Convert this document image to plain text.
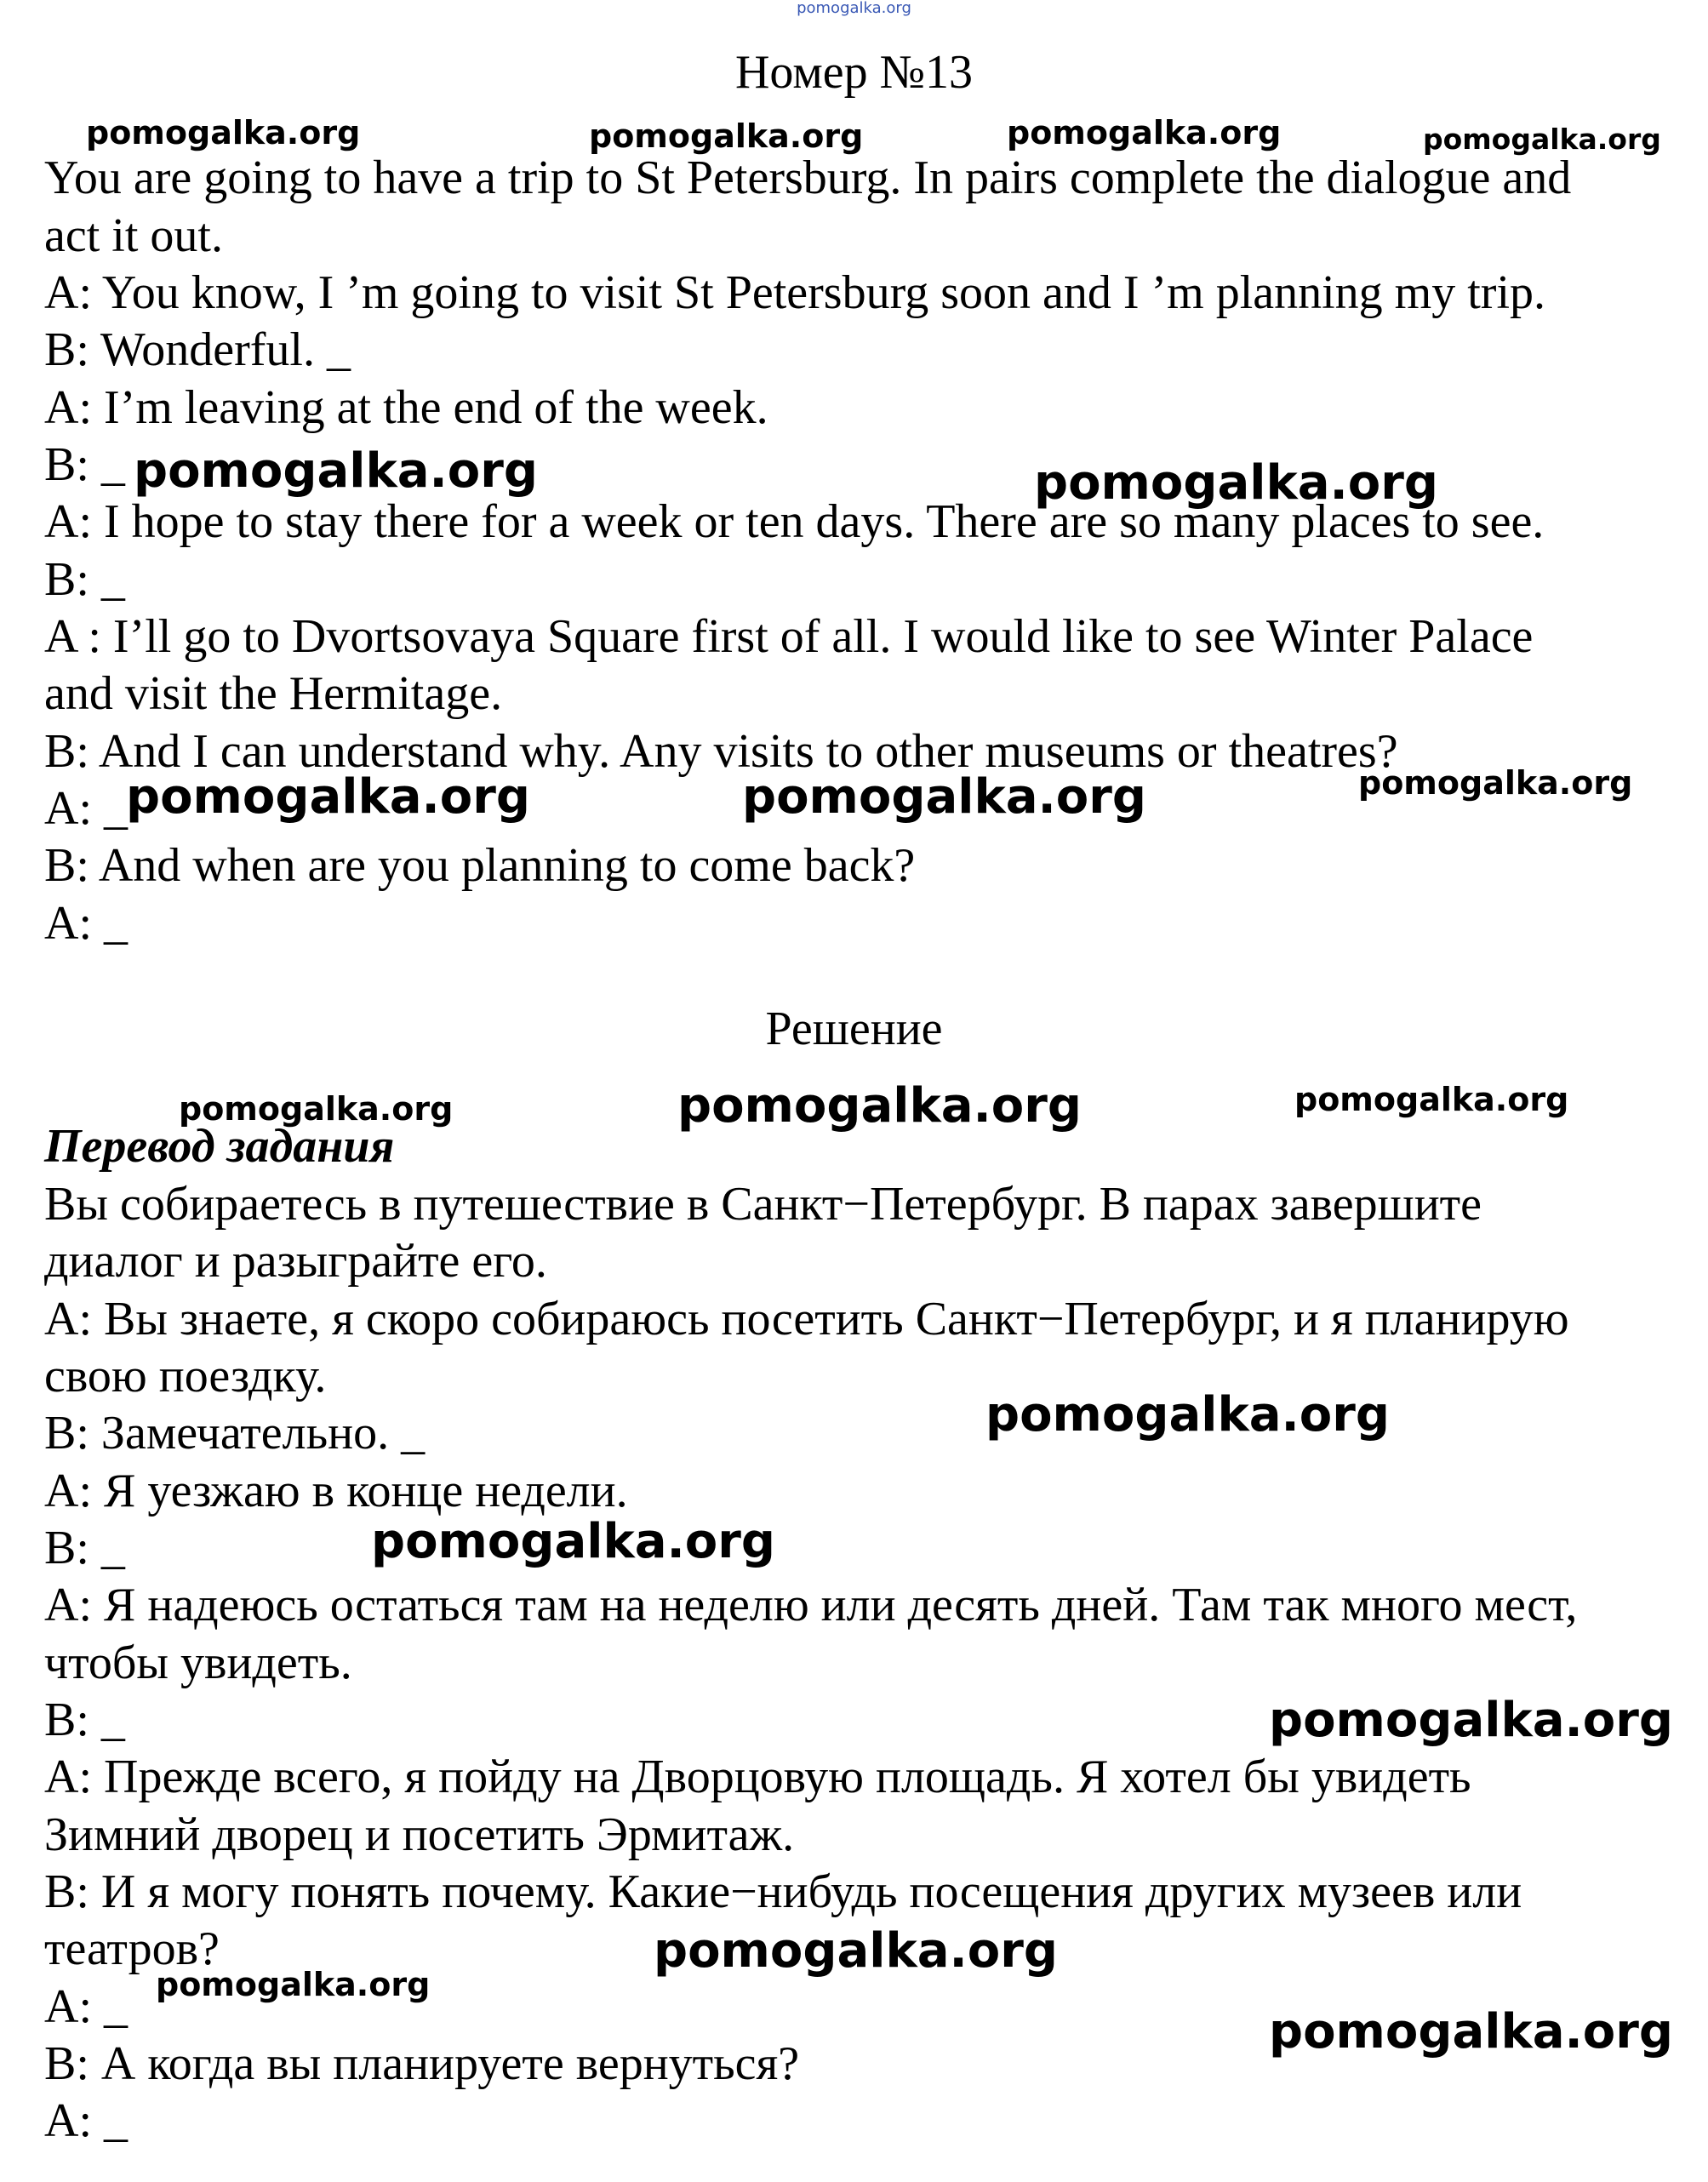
pomogalka.org
Номер №13
You are going to have a trip to St Petersburg. In pairs complete the dialogue and
act it out.
A: You know, I ’m going to visit St Petersburg soon and I ’m planning my trip.
B: Wonderful. _
A: I’m leaving at the end of the week.
B: _
A: I hope to stay there for a week or ten days. There are so many places to see.
B: _
A : I’ll go to Dvortsovaya Square first of all. I would like to see Winter Palace
and visit the Hermitage.
B: And I can understand why. Any visits to other museums or theatres?
A: _
B: And when are you planning to come back?
A: _
Решение
Перевод задания
Вы собираетесь в путешествие в Санкт−Петербург. В парах завершите
диалог и разыграйте его.
A: Вы знаете, я скоро собираюсь посетить Санкт−Петербург, и я планирую
свою поездку.
B: Замечательно. _
A: Я уезжаю в конце недели.
B: _
A: Я надеюсь остаться там на неделю или десять дней. Там так много мест,
чтобы увидеть.
B: _
A: Прежде всего, я пойду на Дворцовую площадь. Я хотел бы увидеть
Зимний дворец и посетить Эрмитаж.
B: И я могу понять почему. Какие−нибудь посещения других музеев или
театров?
A: _
B: А когда вы планируете вернуться?
A: _
pomogalka.org	pomogalka.org	pomogalka.org	pomogalka.org
pomogalka.org	pomogalka.org
pomogalka.org	pomogalka.org	pomogalka.org
pomogalka.org	pomogalka.org	pomogalka.org
pomogalka.org
pomogalka.org
pomogalka.org
pomogalka.org
pomogalka.org
pomogalka.org
